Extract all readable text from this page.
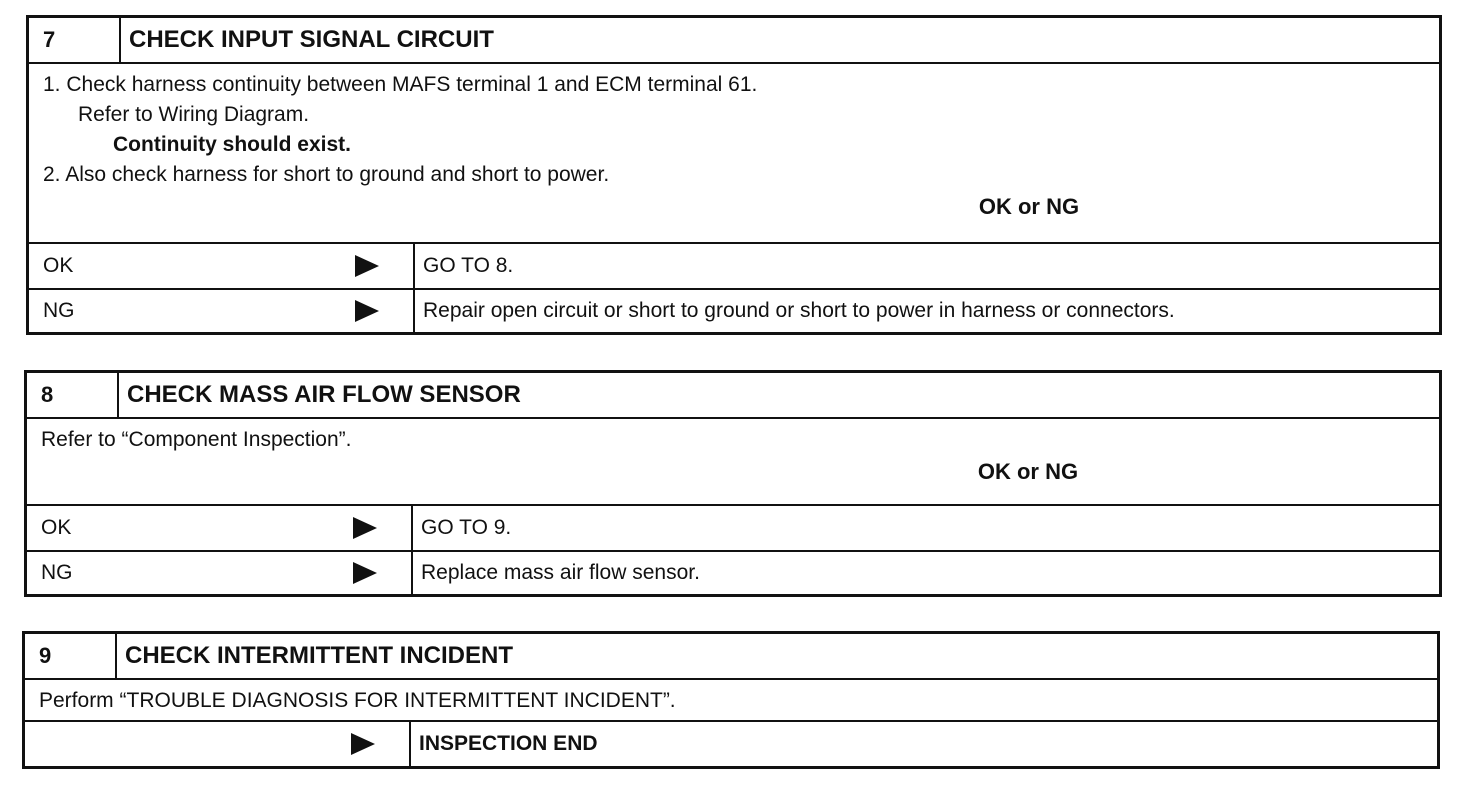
7	CHECK INPUT SIGNAL CIRCUIT
1. Check harness continuity between MAFS terminal 1 and ECM terminal 61.
Refer to Wiring Diagram.
Continuity should exist.
2. Also check harness for short to ground and short to power.
OK or NG
OK	GO TO 8.
NG	Repair open circuit or short to ground or short to power in harness or connectors.
8	CHECK MASS AIR FLOW SENSOR
Refer to “Component Inspection”.
OK or NG
OK	GO TO 9.
NG	Replace mass air flow sensor.
9	CHECK INTERMITTENT INCIDENT
Perform “TROUBLE DIAGNOSIS FOR INTERMITTENT INCIDENT”.
INSPECTION END
